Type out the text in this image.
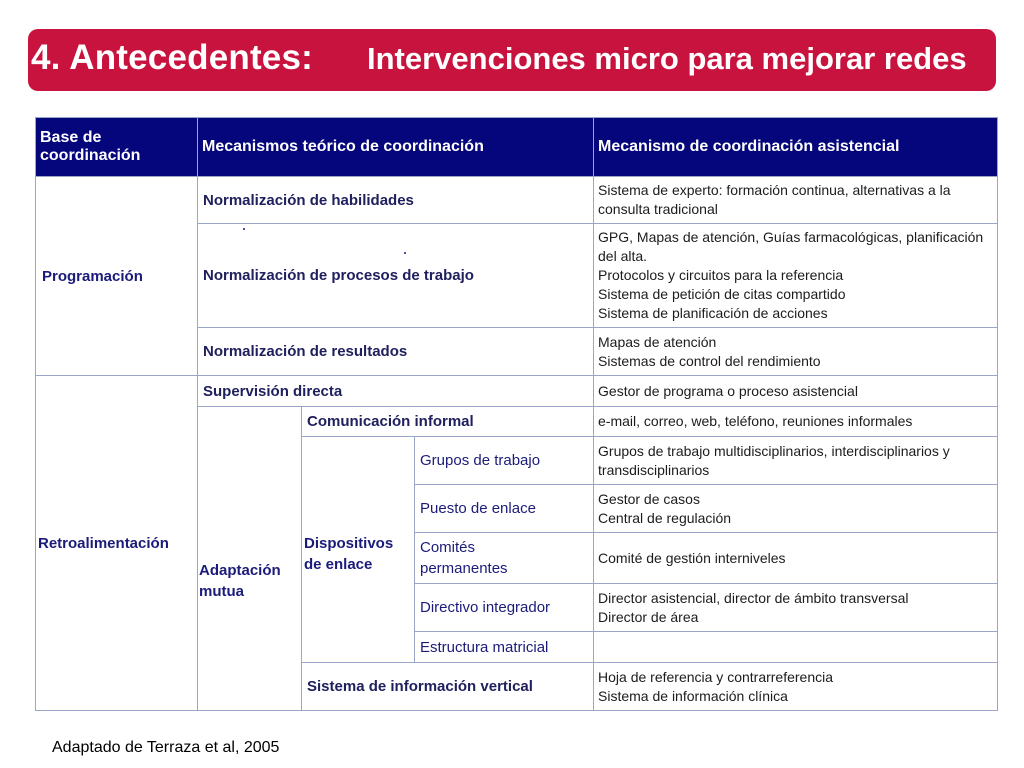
4. Antecedentes: Intervenciones micro para mejorar redes
Base de coordinación	Mecanismos teórico de coordinación			Mecanismo de coordinación asistencial
Programación	Normalización de habilidades			Sistema de experto: formación continua, alternativas a la consulta tradicional
	Normalización de procesos de trabajo			GPG, Mapas de atención, Guías farmacológicas, planificación del alta.
Protocolos y circuitos para la referencia
Sistema de petición de citas compartido
Sistema de planificación de acciones

	Normalización de resultados			Mapas de atención
Sistemas de control del rendimiento

Retroalimentación	Supervisión directa			Gestor de programa o proceso asistencial

	Adaptación mutua	Comunicación informal		e-mail, correo, web, teléfono, reuniones informales

		Dispositivos de enlace	Grupos de trabajo	Grupos de trabajo multidisciplinarios, interdisciplinarios y transdisciplinarios
			Puesto de enlace	Gestor de casos
Central de regulación

			Comités permanentes	Comité de gestión interniveles
			Directivo integrador	Director asistencial, director de ámbito transversal
Director de área

			Estructura matricial	
		Sistema de información vertical		Hoja de referencia y contrarreferencia
Sistema de información clínica
Adaptado de Terraza et al, 2005
